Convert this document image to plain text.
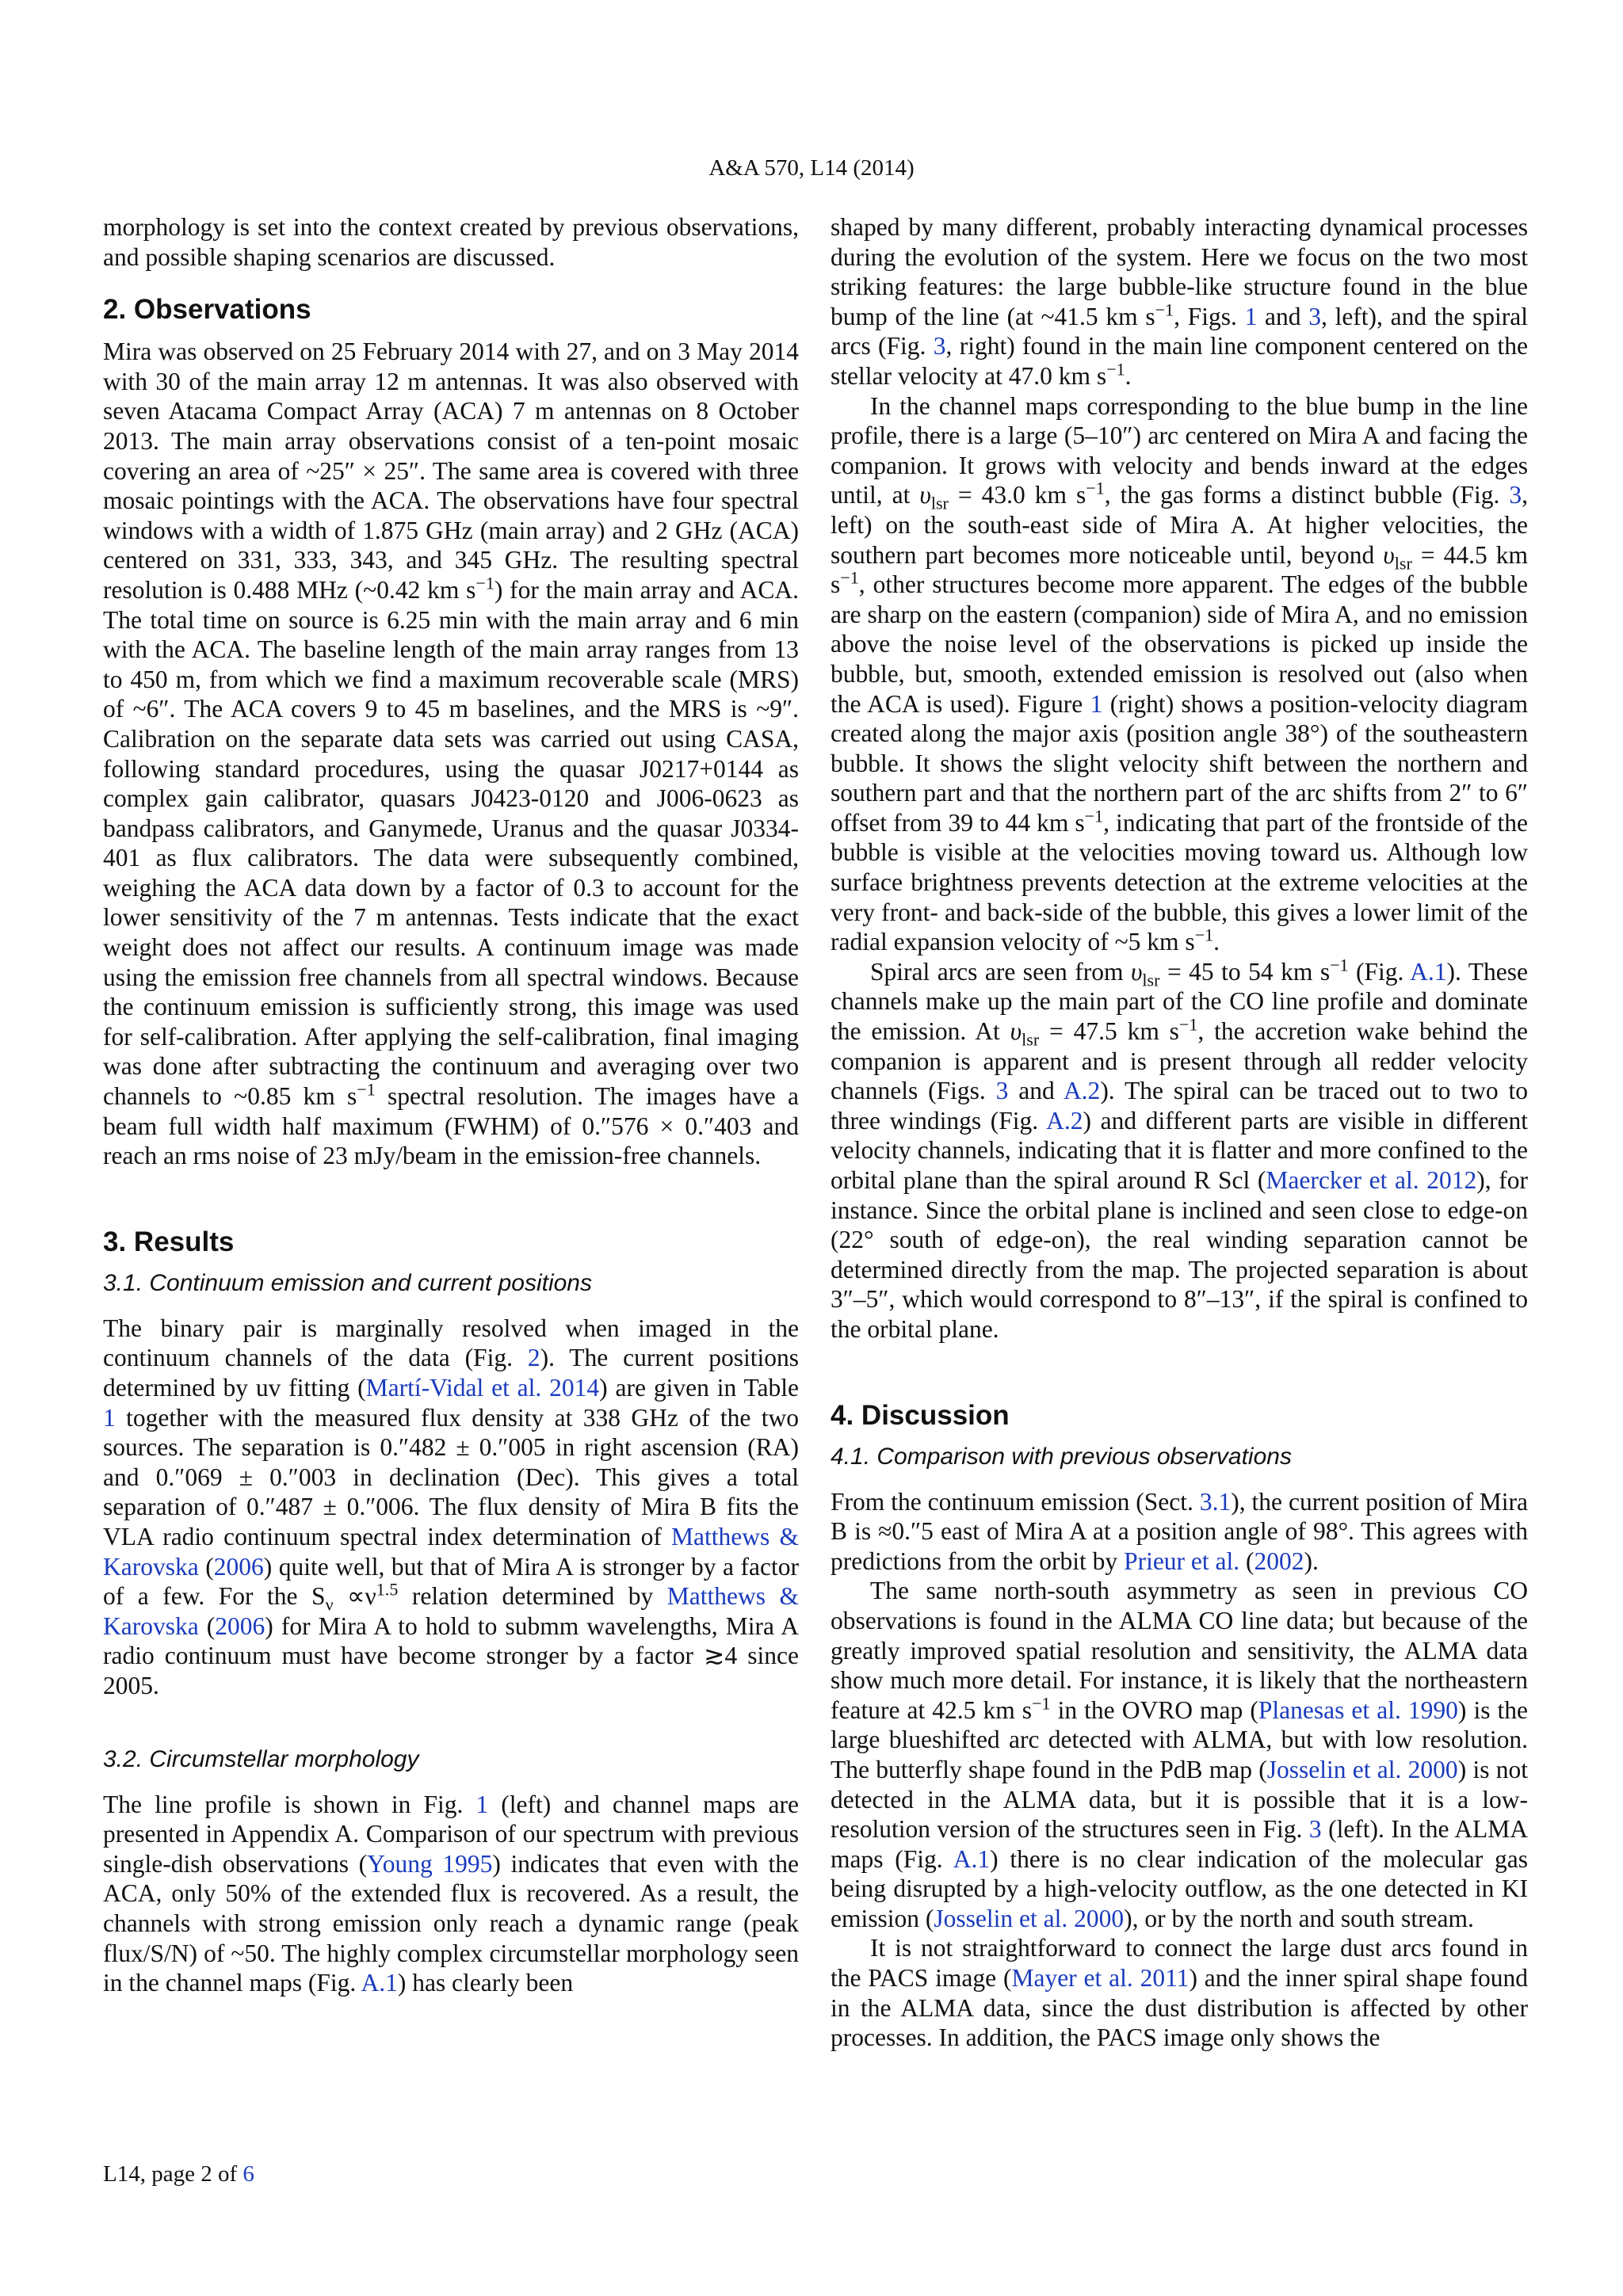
A&A 570, L14 (2014)

morphology is set into the context created by previous observations, and possible shaping scenarios are discussed.

2. Observations

Mira was observed on 25 February 2014 with 27, and on 3 May 2014 with 30 of the main array 12 m antennas. It was also observed with seven Atacama Compact Array (ACA) 7 m antennas on 8 October 2013. The main array observations consist of a ten-point mosaic covering an area of ~25″ × 25″. The same area is covered with three mosaic pointings with the ACA. The observations have four spectral windows with a width of 1.875 GHz (main array) and 2 GHz (ACA) centered on 331, 333, 343, and 345 GHz. The resulting spectral resolution is 0.488 MHz (~0.42 km $s^{-1}$) for the main array and ACA. The total time on source is 6.25 min with the main array and 6 min with the ACA. The baseline length of the main array ranges from 13 to 450 m, from which we find a maximum recoverable scale (MRS) of ~6″. The ACA covers 9 to 45 m baselines, and the MRS is ~9″. Calibration on the separate data sets was carried out using CASA, following standard procedures, using the quasar J0217+0144 as complex gain calibrator, quasars J0423-0120 and J006-0623 as bandpass calibrators, and Ganymede, Uranus and the quasar J0334-401 as flux calibrators. The data were subsequently combined, weighing the ACA data down by a factor of 0.3 to account for the lower sensitivity of the 7 m antennas. Tests indicate that the exact weight does not affect our results. A continuum image was made using the emission free channels from all spectral windows. Because the continuum emission is sufficiently strong, this image was used for self-calibration. After applying the self-calibration, final imaging was done after subtracting the continuum and averaging over two channels to ~0.85 km $s^{-1}$ spectral resolution. The images have a beam full width half maximum (FWHM) of 0.″576 × 0.″403 and reach an rms noise of 23 mJy/beam in the emission-free channels.

3. Results
3.1. Continuum emission and current positions

The binary pair is marginally resolved when imaged in the continuum channels of the data (Fig. 2). The current positions determined by uv fitting (Martí-Vidal et al. 2014) are given in Table 1 together with the measured flux density at 338 GHz of the two sources. The separation is 0.″482 ± 0.″005 in right ascension (RA) and 0.″069 ± 0.″003 in declination (Dec). This gives a total separation of 0.″487 ± 0.″006. The flux density of Mira B fits the VLA radio continuum spectral index determination of Matthews & Karovska (2006) quite well, but that of Mira A is stronger by a factor of a few. For the $S_\nu \propto\nu^{1.5}$ relation determined by Matthews & Karovska (2006) for Mira A to hold to submm wavelengths, Mira A radio continuum must have become stronger by a factor ≳4 since 2005.

3.2. Circumstellar morphology

The line profile is shown in Fig. 1 (left) and channel maps are presented in Appendix A. Comparison of our spectrum with previous single-dish observations (Young 1995) indicates that even with the ACA, only 50% of the extended flux is recovered. As a result, the channels with strong emission only reach a dynamic range (peak flux/S/N) of ~50. The highly complex circumstellar morphology seen in the channel maps (Fig. A.1) has clearly been

shaped by many different, probably interacting dynamical processes during the evolution of the system. Here we focus on the two most striking features: the large bubble-like structure found in the blue bump of the line (at ~41.5 km $s^{-1}$, Figs. 1 and 3, left), and the spiral arcs (Fig. 3, right) found in the main line component centered on the stellar velocity at 47.0 km $s^{-1}$.

In the channel maps corresponding to the blue bump in the line profile, there is a large (5–10″) arc centered on Mira A and facing the companion. It grows with velocity and bends inward at the edges until, at $\upsilon_{lsr} = 43.0$ km $s^{-1}$, the gas forms a distinct bubble (Fig. 3, left) on the south-east side of Mira A. At higher velocities, the southern part becomes more noticeable until, beyond $\upsilon_{lsr} = 44.5$ km $s^{-1}$, other structures become more apparent. The edges of the bubble are sharp on the eastern (companion) side of Mira A, and no emission above the noise level of the observations is picked up inside the bubble, but, smooth, extended emission is resolved out (also when the ACA is used). Figure 1 (right) shows a position-velocity diagram created along the major axis (position angle 38°) of the southeastern bubble. It shows the slight velocity shift between the northern and southern part and that the northern part of the arc shifts from 2″ to 6″ offset from 39 to 44 km $s^{-1}$, indicating that part of the frontside of the bubble is visible at the velocities moving toward us. Although low surface brightness prevents detection at the extreme velocities at the very front- and back-side of the bubble, this gives a lower limit of the radial expansion velocity of ~5 km $s^{-1}$.

Spiral arcs are seen from $\upsilon_{lsr} = 45$ to 54 km $s^{-1}$ (Fig. A.1). These channels make up the main part of the CO line profile and dominate the emission. At $\upsilon_{lsr} = 47.5$ km $s^{-1}$, the accretion wake behind the companion is apparent and is present through all redder velocity channels (Figs. 3 and A.2). The spiral can be traced out to two to three windings (Fig. A.2) and different parts are visible in different velocity channels, indicating that it is flatter and more confined to the orbital plane than the spiral around R Scl (Maercker et al. 2012), for instance. Since the orbital plane is inclined and seen close to edge-on (22° south of edge-on), the real winding separation cannot be determined directly from the map. The projected separation is about 3″–5″, which would correspond to 8″–13″, if the spiral is confined to the orbital plane.

4. Discussion
4.1. Comparison with previous observations

From the continuum emission (Sect. 3.1), the current position of Mira B is ≈0.″5 east of Mira A at a position angle of 98°. This agrees with predictions from the orbit by Prieur et al. (2002).

The same north-south asymmetry as seen in previous CO observations is found in the ALMA CO line data; but because of the greatly improved spatial resolution and sensitivity, the ALMA data show much more detail. For instance, it is likely that the northeastern feature at 42.5 km $s^{-1}$ in the OVRO map (Planesas et al. 1990) is the large blueshifted arc detected with ALMA, but with low resolution. The butterfly shape found in the PdB map (Josselin et al. 2000) is not detected in the ALMA data, but it is possible that it is a low-resolution version of the structures seen in Fig. 3 (left). In the ALMA maps (Fig. A.1) there is no clear indication of the molecular gas being disrupted by a high-velocity outflow, as the one detected in KI emission (Josselin et al. 2000), or by the north and south stream.

It is not straightforward to connect the large dust arcs found in the PACS image (Mayer et al. 2011) and the inner spiral shape found in the ALMA data, since the dust distribution is affected by other processes. In addition, the PACS image only shows the

L14, page 2 of 6
